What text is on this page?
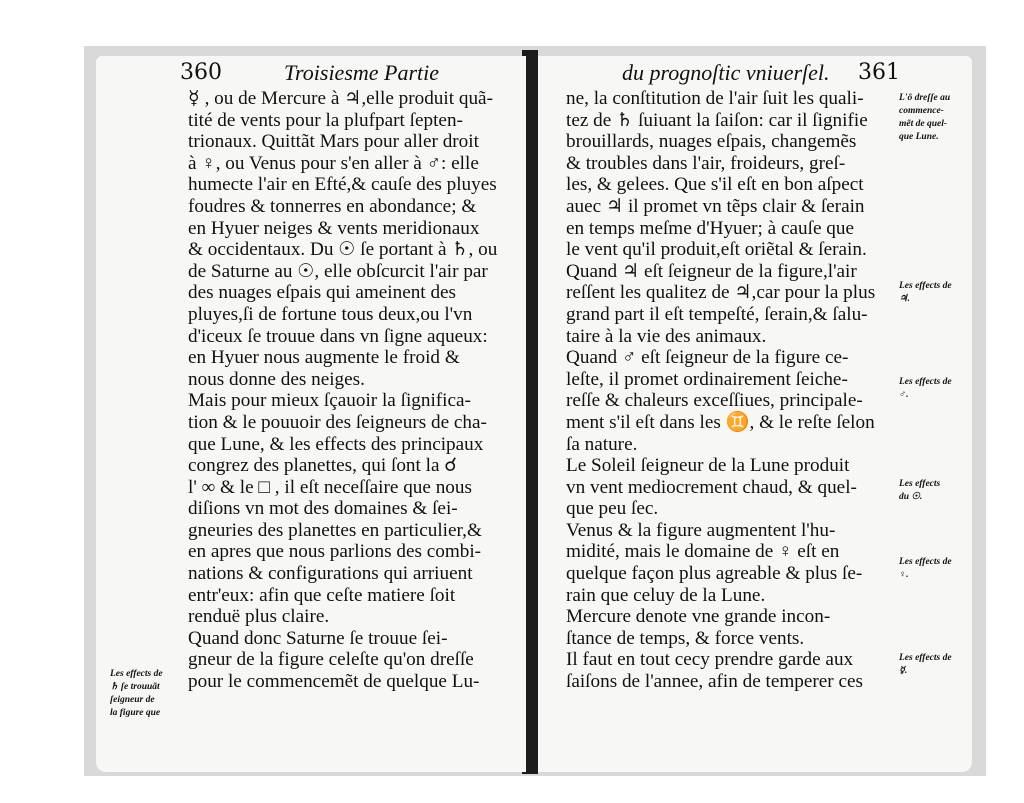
360	Troisiesme Partie
☿ , ou de Mercure à ♃,elle produit quã-
tité de vents pour la plufpart ſepten-
trionaux. Quittãt Mars pour aller droit
à ♀, ou Venus pour s'en aller à ♂: elle
humecte l'air en Efté,& cauſe des pluyes
foudres & tonnerres en abondance; &
en Hyuer neiges & vents meridionaux
& occidentaux. Du ☉ ſe portant à ♄, ou
de Saturne au ☉, elle obſcurcit l'air par
des nuages eſpais qui ameinent des
pluyes,ſi de fortune tous deux,ou l'vn
d'iceux ſe trouue dans vn ſigne aqueux:
en Hyuer nous augmente le froid &
nous donne des neiges.
Mais pour mieux ſçauoir la ſignifica-
tion & le pouuoir des ſeigneurs de cha-
que Lune, & les effects des principaux
congrez des planettes, qui ſont la ☌
l' ∞ & le □ , il eſt neceſſaire que nous
diſions vn mot des domaines & ſei-
gneuries des planettes en particulier,&
en apres que nous parlions des combi-
nations & configurations qui arriuent
entr'eux: afin que ceſte matiere ſoit
renduë plus claire.
Quand donc Saturne ſe trouue ſei-
gneur de la figure celeſte qu'on dreſſe
pour le commencemẽt de quelque Lu-
du prognoſtic vniuerſel. 361
ne, la conſtitution de l'air ſuit les quali-
tez de ♄ ſuiuant la ſaiſon: car il ſignifie
brouillards, nuages eſpais, changemẽs
& troubles dans l'air, froideurs, greſ-
les, & gelees. Que s'il eſt en bon aſpect
auec ♃ il promet vn tẽps clair & ſerain
en temps meſme d'Hyuer; à cauſe que
le vent qu'il produit,eſt oriẽtal & ſerain.
Quand ♃ eſt ſeigneur de la figure,l'air
reſſent les qualitez de ♃,car pour la plus
grand part il eſt tempeſté, ſerain,& ſalu-
taire à la vie des animaux.
Quand ♂ eſt ſeigneur de la figure ce-
leſte, il promet ordinairement ſeiche-
reſſe & chaleurs exceſſiues, principale-
ment s'il eſt dans les ♊, & le reſte ſelon
ſa nature.
Le Soleil ſeigneur de la Lune produit
vn vent mediocrement chaud, & quel-
que peu ſec.
Venus & la figure augmentent l'hu-
midité, mais le domaine de ♀ eſt en
quelque façon plus agreable & plus ſe-
rain que celuy de la Lune.
Mercure denote vne grande incon-
ſtance de temps, & force vents.
Il faut en tout cecy prendre garde aux
ſaiſons de l'annee, afin de temperer ces
Les effects de
♄ ſe trouuãt
ſeigneur de
la figure que
L'ô dreſſe au
commence-
mẽt de quel-
que Lune.
Les effects de
♃.
Les effects de
♂.
Les effects
du ☉.
Les effects de
♀.
Les effects de
☿.
